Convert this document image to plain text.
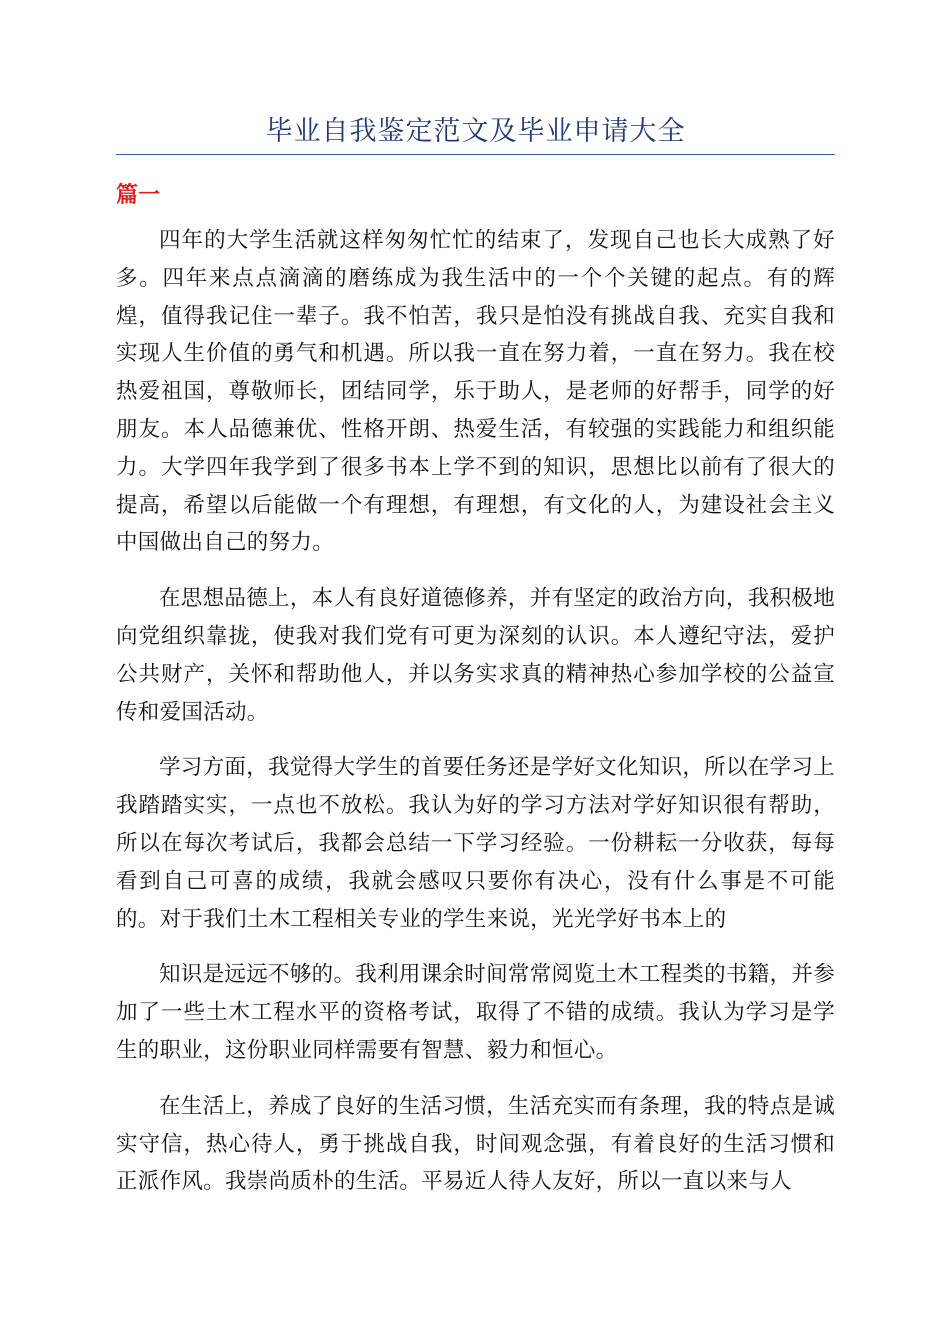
毕业自我鉴定范文及毕业申请大全
篇一

四年的大学生活就这样匆匆忙忙的结束了，发现自己也长大成熟了好多。四年来点点滴滴的磨练成为我生活中的一个个关键的起点。有的辉煌，值得我记住一辈子。我不怕苦，我只是怕没有挑战自我、充实自我和实现人生价值的勇气和机遇。所以我一直在努力着，一直在努力。我在校热爱祖国，尊敬师长，团结同学，乐于助人，是老师的好帮手，同学的好朋友。本人品德兼优、性格开朗、热爱生活，有较强的实践能力和组织能力。大学四年我学到了很多书本上学不到的知识，思想比以前有了很大的提高，希望以后能做一个有理想，有理想，有文化的人，为建设社会主义中国做出自己的努力。

在思想品德上，本人有良好道德修养，并有坚定的政治方向，我积极地向党组织靠拢，使我对我们党有可更为深刻的认识。本人遵纪守法，爱护公共财产，关怀和帮助他人，并以务实求真的精神热心参加学校的公益宣传和爱国活动。

学习方面，我觉得大学生的首要任务还是学好文化知识，所以在学习上我踏踏实实，一点也不放松。我认为好的学习方法对学好知识很有帮助，所以在每次考试后，我都会总结一下学习经验。一份耕耘一分收获，每每看到自己可喜的成绩，我就会感叹只要你有决心，没有什么事是不可能的。对于我们土木工程相关专业的学生来说，光光学好书本上的

知识是远远不够的。我利用课余时间常常阅览土木工程类的书籍，并参加了一些土木工程水平的资格考试，取得了不错的成绩。我认为学习是学生的职业，这份职业同样需要有智慧、毅力和恒心。

在生活上，养成了良好的生活习惯，生活充实而有条理，我的特点是诚实守信，热心待人，勇于挑战自我，时间观念强，有着良好的生活习惯和正派作风。我崇尚质朴的生活。平易近人待人友好，所以一直以来与人
